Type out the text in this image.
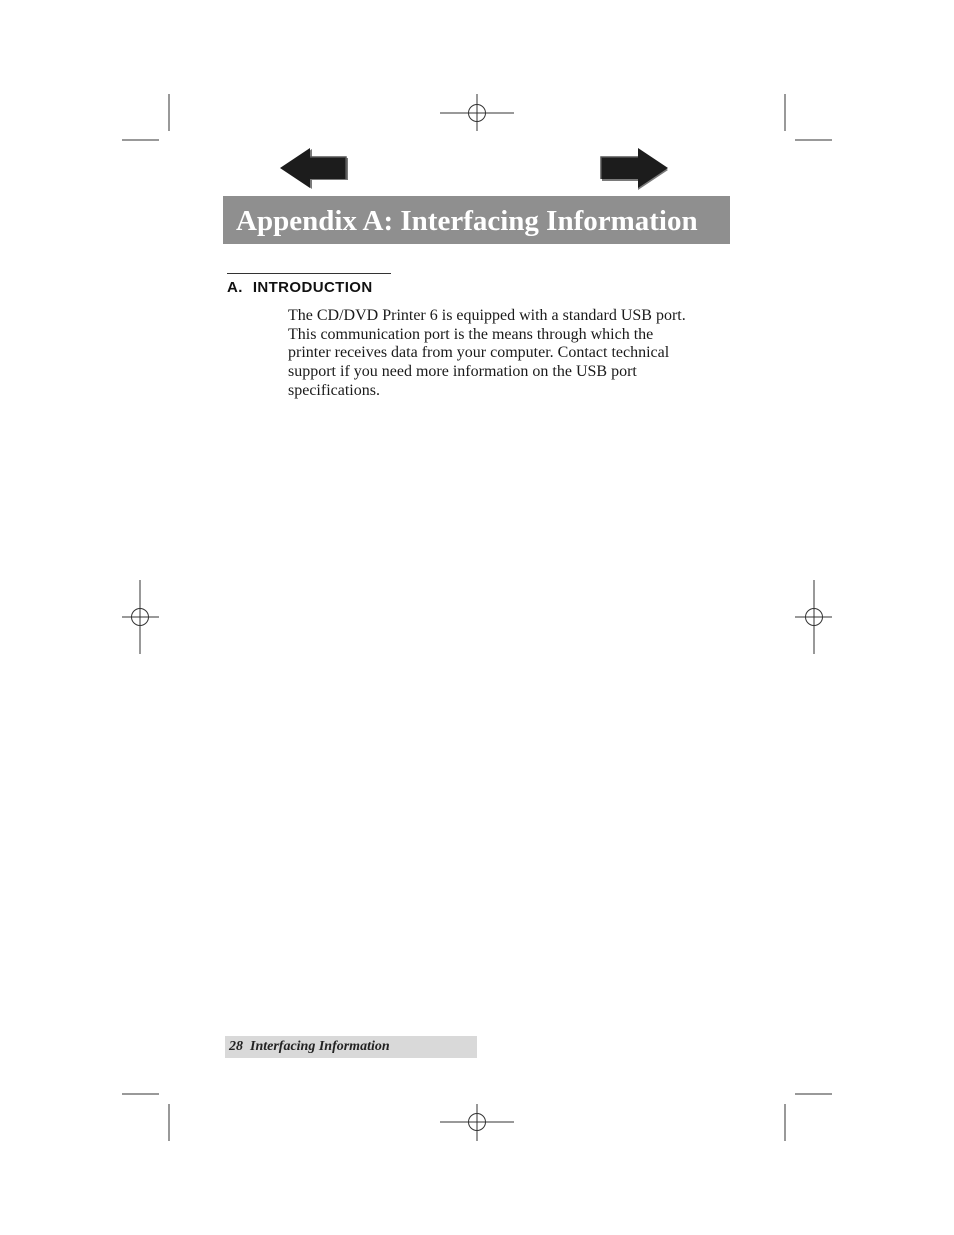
Appendix A: Interfacing Information
A. INTRODUCTION
The CD/DVD Printer 6 is equipped with a standard USB port.
This communication port is the means through which the
printer receives data from your computer. Contact technical
support if you need more information on the USB port
specifications.
28 Interfacing Information
